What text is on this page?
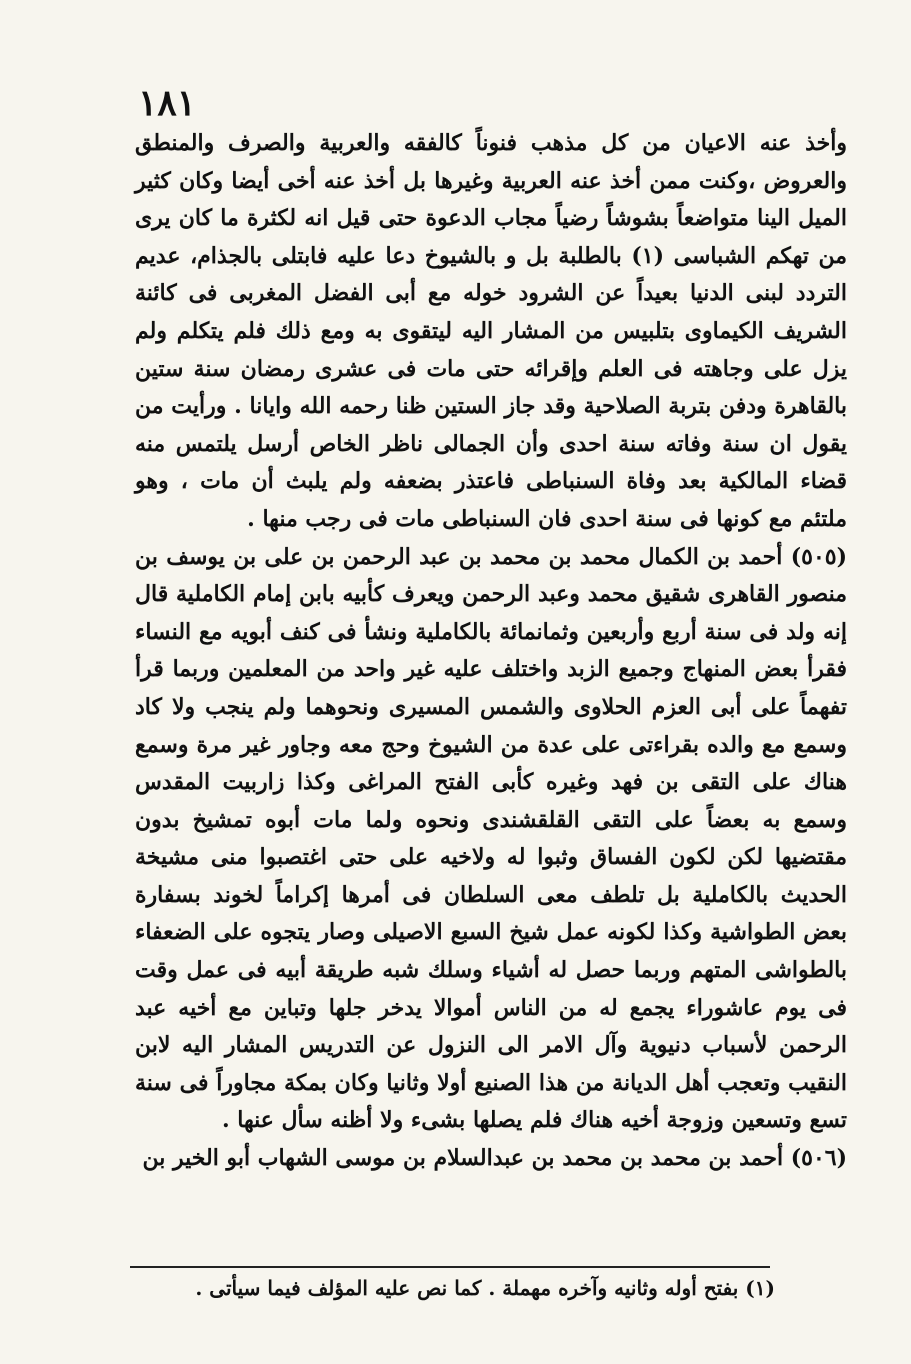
١٨١

وأخذ عنه الاعيان من كل مذهب فنوناً كالفقه والعربية والصرف والمنطق والعروض ،وكنت ممن أخذ عنه العربية وغيرها بل أخذ عنه أخى أيضا وكان كثير الميل الينا متواضعاً بشوشاً رضياً مجاب الدعوة حتى قيل انه لكثرة ما كان يرى من تهكم الشباسى (١) بالطلبة بل و بالشيوخ دعا عليه فابتلى بالجذام، عديم التردد لبنى الدنيا بعيداً عن الشرود خوله مع أبى الفضل المغربى فى كائنة الشريف الكيماوى بتلبيس من المشار اليه ليتقوى به ومع ذلك فلم يتكلم ولم يزل على وجاهته فى العلم وإقرائه حتى مات فى عشرى رمضان سنة ستين بالقاهرة ودفن بتربة الصلاحية وقد جاز الستين ظنا رحمه الله وايانا . ورأيت من يقول ان سنة وفاته سنة احدى وأن الجمالى ناظر الخاص أرسل يلتمس منه قضاء المالكية بعد وفاة السنباطى فاعتذر بضعفه ولم يلبث أن مات ، وهو ملتئم مع كونها فى سنة احدى فان السنباطى مات فى رجب منها .

(٥٠٥) أحمد بن الكمال محمد بن محمد بن عبد الرحمن بن على بن يوسف بن منصور القاهرى شقيق محمد وعبد الرحمن ويعرف كأبيه بابن إمام الكاملية قال إنه ولد فى سنة أربع وأربعين وثمانمائة بالكاملية ونشأ فى كنف أبويه مع النساء فقرأ بعض المنهاج وجميع الزبد واختلف عليه غير واحد من المعلمين وربما قرأ تفهماً على أبى العزم الحلاوى والشمس المسيرى ونحوهما ولم ينجب ولا كاد وسمع مع والده بقراءتى على عدة من الشيوخ وحج معه وجاور غير مرة وسمع هناك على التقى بن فهد وغيره كأبى الفتح المراغى وكذا زاربيت المقدس وسمع به بعضاً على التقى القلقشندى ونحوه ولما مات أبوه تمشيخ بدون مقتضيها لكن لكون الفساق وثبوا له ولاخيه على حتى اغتصبوا منى مشيخة الحديث بالكاملية بل تلطف معى السلطان فى أمرها إكراماً لخوند بسفارة بعض الطواشية وكذا لكونه عمل شيخ السبع الاصيلى وصار يتجوه على الضعفاء بالطواشى المتهم وربما حصل له أشياء وسلك شبه طريقة أبيه فى عمل وقت فى يوم عاشوراء يجمع له من الناس أموالا يدخر جلها وتباين مع أخيه عبد الرحمن لأسباب دنيوية وآل الامر الى النزول عن التدريس المشار اليه لابن النقيب وتعجب أهل الديانة من هذا الصنيع أولا وثانيا وكان بمكة مجاوراً فى سنة تسع وتسعين وزوجة أخيه هناك فلم يصلها بشىء ولا أظنه سأل عنها .

(٥٠٦) أحمد بن محمد بن محمد بن عبدالسلام بن موسى الشهاب أبو الخير بن

(١) بفتح أوله وثانيه وآخره مهملة . كما نص عليه المؤلف فيما سيأتى .
